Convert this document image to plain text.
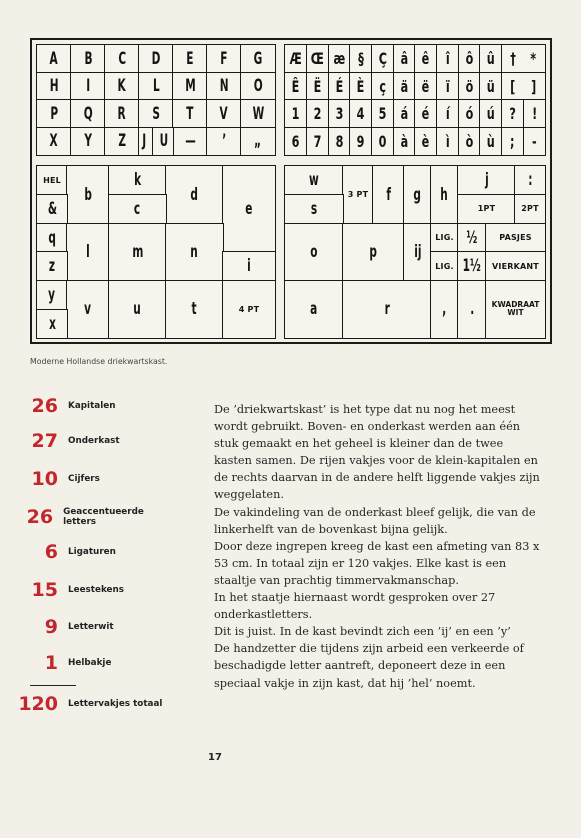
A B C D E F G
H I K L M N O
P Q R S T V W
X Y Z J U — ’ „
Æ Œ æ § Ç â ê î ô û † *
Ê Ë É È ç ä ë ï ö ü [ ]
1 2 3 4 5 á é í ó ú ? !
6 7 8 9 0 à è ì ò ù ; -
HEL
b
k
d
e
&	c
q
l m	n
z	i
y
v u	t	4 PT
x
w
3 PT	f g h
j :
s	1PT	2PT
o	p ij
LIG. ½	PASJES
LIG. 1½	VIERKANT
a	r	, . KWADRAAT
WIT
Moderne Hollandse driekwartskast.
26 Kapitalen
27 Onderkast
10 Cijfers
26 Geaccentueerde letters
6 Ligaturen
15 Leestekens
9 Letterwit
1 Helbakje
120 Lettervakjes totaal

De ’driekwartskast’ is het type dat nu nog het meest wordt gebruikt. Boven- en onderkast werden aan één stuk gemaakt en het geheel is kleiner dan de twee kasten samen. De rijen vakjes voor de klein-kapitalen en de rechts daarvan in de andere helft liggende vakjes zijn weggelaten.

De vakindeling van de onderkast bleef gelijk, die van de linkerhelft van de bovenkast bijna gelijk.

Door deze ingrepen kreeg de kast een afmeting van 83 x 53 cm. In totaal zijn er 120 vakjes. Elke kast is een staaltje van prachtig timmervakmanschap.

In het staatje hiernaast wordt gesproken over 27 onderkastletters.

Dit is juist. In de kast bevindt zich een ’ij’ en een ’y’

De handzetter die tijdens zijn arbeid een verkeerde of beschadigde letter aantreft, deponeert deze in een speciaal vakje in zijn kast, dat hij ’hel’ noemt.

17
